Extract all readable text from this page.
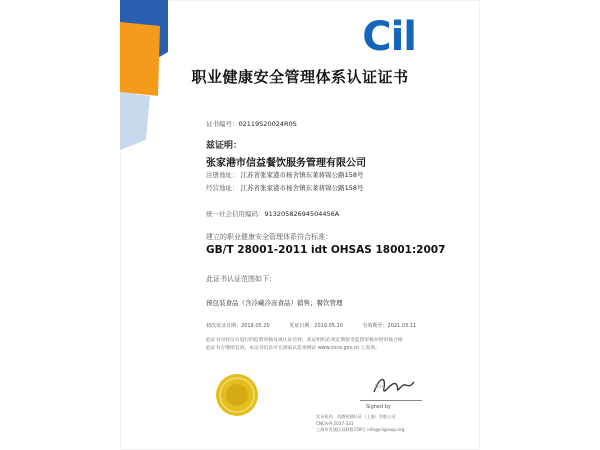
Cil
职业健康安全管理体系认证证书
证书编号：02119S20024R0S
兹证明：
张家港市信益餐饮服务管理有限公司
注册地址： 江苏省张家港市杨舍镇东莱蒋锦公路158号
经营地址： 江苏省张家港市杨舍镇东莱蒋锦公路158号
统一社会信用编码：91320582694504456A
建立的职业健康安全管理体系符合标准：
GB/T 28001-2011 idt OHSAS 18001:2007
此证书认证范围如下：
预包装食品（含冷藏冷冻食品）销售；餐饮管理
初次发证日期：2019.05.20	发证日期：2019.05.20	有效期至：2021.03.11
此证书对持证方进行的监督审核及再认证有效，获证组织必须定期接受监督审核并经审核合格此证书方继续有效。本证书信息可在国家认监委网站 www.cnca.gov.cn 上查询。
Bin
Signed by
发证机构：西腾检测认证（上海）有限公司
CNCA-R-2017-331
上海市青浦区双联路158号 info@cilgroup.org
